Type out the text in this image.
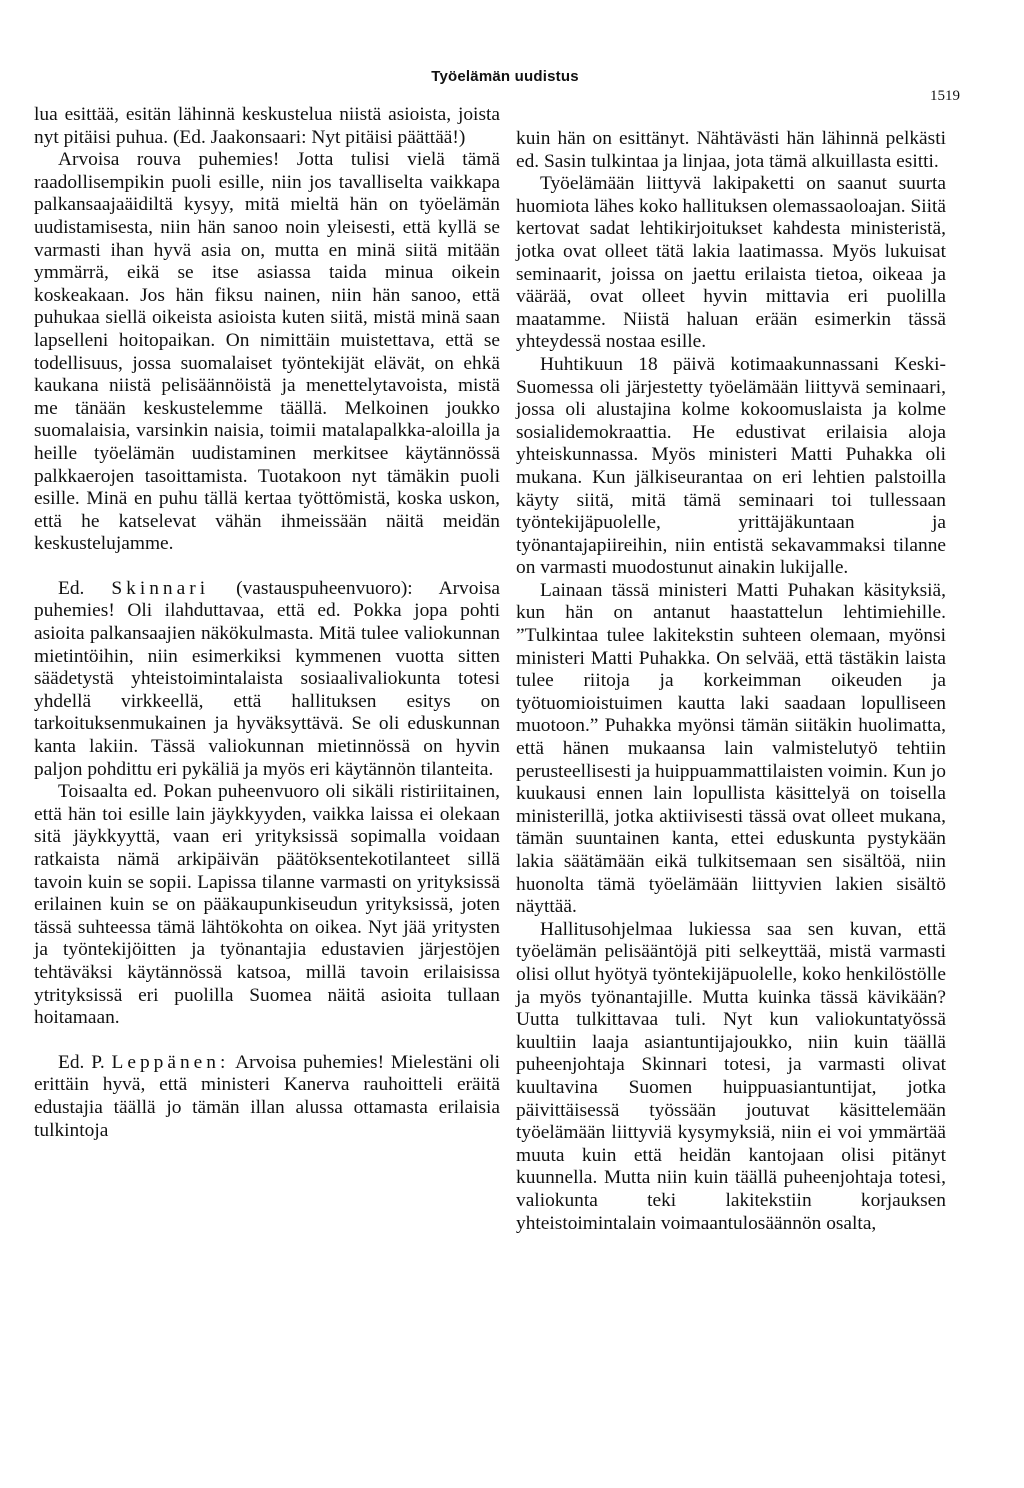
Työelämän uudistus
1519

lua esittää, esitän lähinnä keskustelua niistä asioista, joista nyt pitäisi puhua. (Ed. Jaakonsaari: Nyt pitäisi päättää!)

Arvoisa rouva puhemies! Jotta tulisi vielä tämä raadollisempikin puoli esille, niin jos tavalliselta vaikkapa palkansaajaäidiltä kysyy, mitä mieltä hän on työelämän uudistamisesta, niin hän sanoo noin yleisesti, että kyllä se varmasti ihan hyvä asia on, mutta en minä siitä mitään ymmärrä, eikä se itse asiassa taida minua oikein koskeakaan. Jos hän fiksu nainen, niin hän sanoo, että puhukaa siellä oikeista asioista kuten siitä, mistä minä saan lapselleni hoitopaikan. On nimittäin muistettava, että se todellisuus, jossa suomalaiset työntekijät elävät, on ehkä kaukana niistä pelisäännöistä ja menettelytavoista, mistä me tänään keskustelemme täällä. Melkoinen joukko suomalaisia, varsinkin naisia, toimii matalapalkka-aloilla ja heille työelämän uudistaminen merkitsee käytännössä palkkaerojen tasoittamista. Tuotakoon nyt tämäkin puoli esille. Minä en puhu tällä kertaa työttömistä, koska uskon, että he katselevat vähän ihmeissään näitä meidän keskustelujamme.

Ed. Skinnari (vastauspuheenvuoro): Arvoisa puhemies! Oli ilahduttavaa, että ed. Pokka jopa pohti asioita palkansaajien näkökulmasta. Mitä tulee valiokunnan mietintöihin, niin esimerkiksi kymmenen vuotta sitten säädetystä yhteistoimintalaista sosiaalivaliokunta totesi yhdellä virkkeellä, että hallituksen esitys on tarkoituksenmukainen ja hyväksyttävä. Se oli eduskunnan kanta lakiin. Tässä valiokunnan mietinnössä on hyvin paljon pohdittu eri pykäliä ja myös eri käytännön tilanteita.

Toisaalta ed. Pokan puheenvuoro oli sikäli ristiriitainen, että hän toi esille lain jäykkyyden, vaikka laissa ei olekaan sitä jäykkyyttä, vaan eri yrityksissä sopimalla voidaan ratkaista nämä arkipäivän päätöksentekotilanteet sillä tavoin kuin se sopii. Lapissa tilanne varmasti on yrityksissä erilainen kuin se on pääkaupunkiseudun yrityksissä, joten tässä suhteessa tämä lähtökohta on oikea. Nyt jää yritysten ja työntekijöitten ja työnantajia edustavien järjestöjen tehtäväksi käytännössä katsoa, millä tavoin erilaisissa ytrityksissä eri puolilla Suomea näitä asioita tullaan hoitamaan.

Ed. P. Leppänen: Arvoisa puhemies! Mielestäni oli erittäin hyvä, että ministeri Kanerva rauhoitteli eräitä edustajia täällä jo tämän illan alussa ottamasta erilaisia tulkintoja

kuin hän on esittänyt. Nähtävästi hän lähinnä pelkästi ed. Sasin tulkintaa ja linjaa, jota tämä alkuillasta esitti.

Työelämään liittyvä lakipaketti on saanut suurta huomiota lähes koko hallituksen olemassaoloajan. Siitä kertovat sadat lehtikirjoitukset kahdesta ministeristä, jotka ovat olleet tätä lakia laatimassa. Myös lukuisat seminaarit, joissa on jaettu erilaista tietoa, oikeaa ja väärää, ovat olleet hyvin mittavia eri puolilla maatamme. Niistä haluan erään esimerkin tässä yhteydessä nostaa esille.

Huhtikuun 18 päivä kotimaakunnassani Keski-Suomessa oli järjestetty työelämään liittyvä seminaari, jossa oli alustajina kolme kokoomuslaista ja kolme sosialidemokraattia. He edustivat erilaisia aloja yhteiskunnassa. Myös ministeri Matti Puhakka oli mukana. Kun jälkiseurantaa on eri lehtien palstoilla käyty siitä, mitä tämä seminaari toi tullessaan työntekijäpuolelle, yrittäjäkuntaan ja työnantajapiireihin, niin entistä sekavammaksi tilanne on varmasti muodostunut ainakin lukijalle.

Lainaan tässä ministeri Matti Puhakan käsityksiä, kun hän on antanut haastattelun lehtimiehille. ”Tulkintaa tulee lakitekstin suhteen olemaan, myönsi ministeri Matti Puhakka. On selvää, että tästäkin laista tulee riitoja ja korkeimman oikeuden ja työtuomioistuimen kautta laki saadaan lopulliseen muotoon.” Puhakka myönsi tämän siitäkin huolimatta, että hänen mukaansa lain valmistelutyö tehtiin perusteellisesti ja huippuammattilaisten voimin. Kun jo kuukausi ennen lain lopullista käsittelyä on toisella ministerillä, jotka aktiivisesti tässä ovat olleet mukana, tämän suuntainen kanta, ettei eduskunta pystykään lakia säätämään eikä tulkitsemaan sen sisältöä, niin huonolta tämä työelämään liittyvien lakien sisältö näyttää.

Hallitusohjelmaa lukiessa saa sen kuvan, että työelämän pelisääntöjä piti selkeyttää, mistä varmasti olisi ollut hyötyä työntekijäpuolelle, koko henkilöstölle ja myös työnantajille. Mutta kuinka tässä kävikään? Uutta tulkittavaa tuli. Nyt kun valiokuntatyössä kuultiin laaja asiantuntijajoukko, niin kuin täällä puheenjohtaja Skinnari totesi, ja varmasti olivat kuultavina Suomen huippuasiantuntijat, jotka päivittäisessä työssään joutuvat käsittelemään työelämään liittyviä kysymyksiä, niin ei voi ymmärtää muuta kuin että heidän kantojaan olisi pitänyt kuunnella. Mutta niin kuin täällä puheenjohtaja totesi, valiokunta teki lakitekstiin korjauksen yhteistoimintalain voimaantulosäännön osalta,
